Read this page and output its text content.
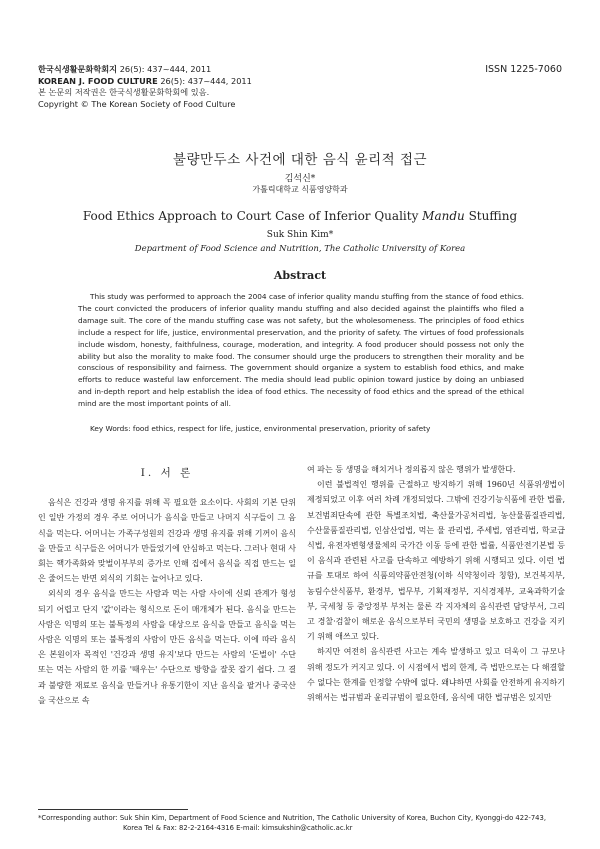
한국식생활문화학회지 26(5): 437~444, 2011
KOREAN J. FOOD CULTURE 26(5): 437~444, 2011
본 논문의 저작권은 한국식생활문화학회에 있음.
Copyright © The Korean Society of Food Culture
ISSN 1225-7060
불량만두소 사건에 대한 음식 윤리적 접근
김석신*
가톨릭대학교 식품영양학과
Food Ethics Approach to Court Case of Inferior Quality Mandu Stuffing
Suk Shin Kim*
Department of Food Science and Nutrition, The Catholic University of Korea
Abstract

This study was performed to approach the 2004 case of inferior quality mandu stuffing from the stance of food ethics. The court convicted the producers of inferior quality mandu stuffing and also decided against the plaintiffs who filed a damage suit. The core of the mandu stuffing case was not safety, but the wholesomeness. The principles of food ethics include a respect for life, justice, environmental preservation, and the priority of safety. The virtues of food professionals include wisdom, honesty, faithfulness, courage, moderation, and integrity. A food producer should possess not only the ability but also the morality to make food. The consumer should urge the producers to strengthen their morality and be conscious of responsibility and fairness. The government should organize a system to establish food ethics, and make efforts to reduce wasteful law enforcement. The media should lead public opinion toward justice by doing an unbiased and in-depth report and help establish the idea of food ethics. The necessity of food ethics and the spread of the ethical mind are the most important points of all.

Key Words: food ethics, respect for life, justice, environmental preservation, priority of safety
I. 서 론

음식은 건강과 생명 유지를 위해 꼭 필요한 요소이다. 사회의 기본 단위인 일반 가정의 경우 주로 어머니가 음식을 만들고 나머지 식구들이 그 음식을 먹는다. 어머니는 가족구성원의 건강과 생명 유지를 위해 기꺼이 음식을 만들고 식구들은 어머니가 만들었기에 안심하고 먹는다. 그러나 현대 사회는 핵가족화와 맞벌이부부의 증가로 인해 집에서 음식을 직접 만드는 일은 줄어드는 반면 외식의 기회는 늘어나고 있다.

외식의 경우 음식을 만드는 사람과 먹는 사람 사이에 신뢰 관계가 형성되기 어렵고 단지 '값'이라는 형식으로 돈이 매개체가 된다. 음식을 만드는 사람은 익명의 또는 불특정의 사람을 대상으로 음식을 만들고 음식을 먹는 사람은 익명의 또는 불특정의 사람이 만든 음식을 먹는다. 이에 따라 음식은 본원이자 목적인 '건강과 생명 유지'보다 만드는 사람의 '돈벌이' 수단 또는 먹는 사람의 한 끼를 '때우는' 수단으로 방향을 잘못 잡기 쉽다. 그 결과 불량한 재료로 음식을 만들거나 유통기한이 지난 음식을 팔거나 중국산을 국산으로 속

여 파는 등 생명을 해치거나 정의롭지 않은 행위가 발생한다.

이런 불법적인 행위를 근절하고 방지하기 위해 1960년 식품위생법이 제정되었고 이후 여러 차례 개정되었다. 그밖에 건강기능식품에 관한 법률, 보건범죄단속에 관한 특별조치법, 축산물가공처리법, 농산물품질관리법, 수산물품질관리법, 인삼산업법, 먹는 물 관리법, 주세법, 염관리법, 학교급식법, 유전자변형생물체의 국가간 이동 등에 관한 법률, 식품안전기본법 등이 음식과 관련된 사고를 단속하고 예방하기 위해 시행되고 있다. 이런 법규를 토대로 하여 식품의약품안전청(이하 식약청이라 칭함), 보건복지부, 농림수산식품부, 환경부, 법무부, 기획재정부, 지식경제부, 교육과학기술부, 국세청 등 중앙정부 부처는 물론 각 지자체의 음식관련 담당부서, 그리고 경찰·검찰이 해로운 음식으로부터 국민의 생명을 보호하고 건강을 지키기 위해 애쓰고 있다.

하지만 여전히 음식관련 사고는 계속 발생하고 있고 더욱이 그 규모나 위해 정도가 커지고 있다. 이 시점에서 법의 한계, 즉 법만으로는 다 해결할 수 없다는 한계를 인정할 수밖에 없다. 왜냐하면 사회를 안전하게 유지하기 위해서는 법규범과 윤리규범이 필요한데, 음식에 대한 법규범은 있지만

*Corresponding author: Suk Shin Kim, Department of Food Science and Nutrition, The Catholic University of Korea, Buchon City, Kyonggi-do 422-743,
Korea Tel & Fax: 82-2-2164-4316 E-mail: kimsukshin@catholic.ac.kr
